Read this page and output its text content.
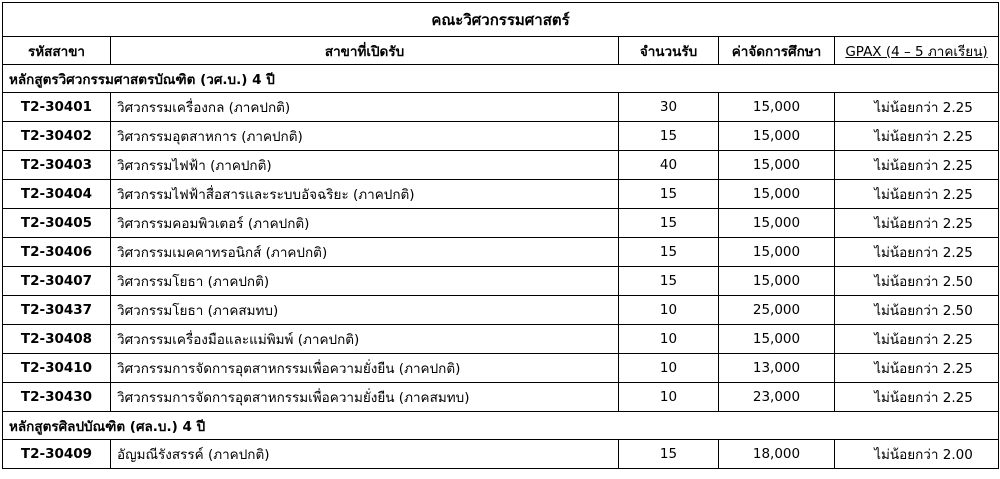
คณะวิศวกรรมศาสตร์				
รหัสสาขา	สาขาที่เปิดรับ	จำนวนรับ	ค่าจัดการศึกษา	GPAX (4 – 5 ภาคเรียน)
หลักสูตรวิศวกรรมศาสตรบัณฑิต (วศ.บ.) 4 ปี				
T2-30401	วิศวกรรมเครื่องกล (ภาคปกติ)	30	15,000	ไม่น้อยกว่า 2.25
T2-30402	วิศวกรรมอุตสาหการ (ภาคปกติ)	15	15,000	ไม่น้อยกว่า 2.25
T2-30403	วิศวกรรมไฟฟ้า (ภาคปกติ)	40	15,000	ไม่น้อยกว่า 2.25
T2-30404	วิศวกรรมไฟฟ้าสื่อสารและระบบอัจฉริยะ (ภาคปกติ)	15	15,000	ไม่น้อยกว่า 2.25
T2-30405	วิศวกรรมคอมพิวเตอร์ (ภาคปกติ)	15	15,000	ไม่น้อยกว่า 2.25
T2-30406	วิศวกรรมเมคคาทรอนิกส์ (ภาคปกติ)	15	15,000	ไม่น้อยกว่า 2.25
T2-30407	วิศวกรรมโยธา (ภาคปกติ)	15	15,000	ไม่น้อยกว่า 2.50
T2-30437	วิศวกรรมโยธา (ภาคสมทบ)	10	25,000	ไม่น้อยกว่า 2.50
T2-30408	วิศวกรรมเครื่องมือและแม่พิมพ์ (ภาคปกติ)	10	15,000	ไม่น้อยกว่า 2.25
T2-30410	วิศวกรรมการจัดการอุตสาหกรรมเพื่อความยั่งยืน (ภาคปกติ)	10	13,000	ไม่น้อยกว่า 2.25
T2-30430	วิศวกรรมการจัดการอุตสาหกรรมเพื่อความยั่งยืน (ภาคสมทบ)	10	23,000	ไม่น้อยกว่า 2.25
หลักสูตรศิลปบัณฑิต (ศล.บ.) 4 ปี				
T2-30409	อัญมณีรังสรรค์ (ภาคปกติ)	15	18,000	ไม่น้อยกว่า 2.00
